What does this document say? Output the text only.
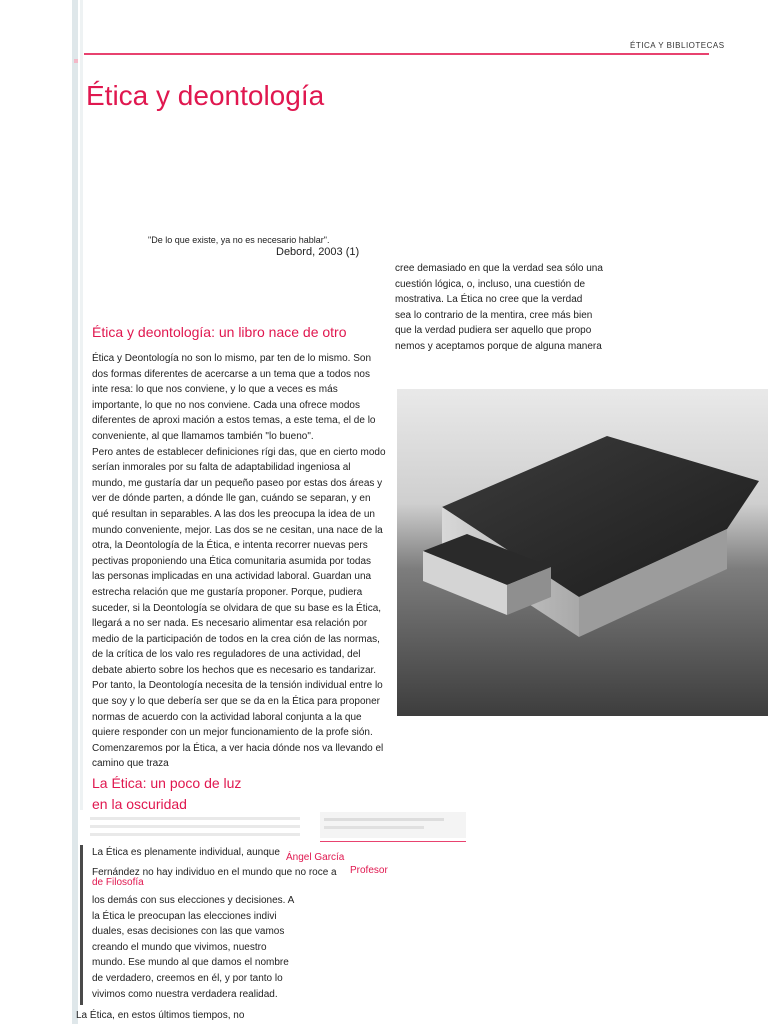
ÉTICA Y BIBLIOTECAS
Ética y deontología
"De lo que existe, ya no es necesario hablar".
Debord, 2003 (1)
cree demasiado en que la verdad sea sólo una
cuestión lógica, o, incluso, una cuestión de
mostrativa. La Ética no cree que la verdad
sea lo contrario de la mentira, cree más bien
que la verdad pudiera ser aquello que propo
nemos y aceptamos porque de alguna manera
Ética y deontología: un libro nace de otro
Ética y Deontología no son lo mismo, par ten de lo mismo. Son
dos formas diferentes de acercarse a un tema que a todos nos
inte resa: lo que nos conviene, y lo que a veces es más
importante, lo que no nos conviene. Cada una ofrece modos
diferentes de aproxi mación a estos temas, a este tema, el de lo
conveniente, al que llamamos también "lo bueno".
Pero antes de establecer definiciones rígi das, que en cierto modo
serían inmorales por su falta de adaptabilidad ingeniosa al
mundo, me gustaría dar un pequeño paseo por estas dos áreas y
ver de dónde parten, a dónde lle gan, cuándo se separan, y en
qué resultan in separables. A las dos les preocupa la idea de un
mundo conveniente, mejor. Las dos se ne cesitan, una nace de la
otra, la Deontología de la Ética, e intenta recorrer nuevas pers
pectivas proponiendo una Ética comunitaria asumida por todas
las personas implicadas en una actividad laboral. Guardan una
estrecha relación que me gustaría proponer. Porque, pudiera
suceder, si la Deontología se olvidara de que su base es la Ética,
llegará a no ser nada. Es necesario alimentar esa relación por
medio de la participación de todos en la crea ción de las normas,
de la crítica de los valo res reguladores de una actividad, del
debate abierto sobre los hechos que es necesario es tandarizar.
Por tanto, la Deontología necesita de la tensión individual entre lo
que soy y lo que debería ser que se da en la Ética para proponer
normas de acuerdo con la actividad laboral conjunta a la que
quiere responder con un mejor funcionamiento de la profe sión.
Comenzaremos por la Ética, a ver hacia dónde nos va llevando el
camino que traza
La Ética: un poco de luz
en la oscuridad
La Ética es plenamente individual, aunque Ángel García
Fernández no hay individuo en el mundo que no roce a Profesor
de Filosofía
los demás con sus elecciones y decisiones. A
la Ética le preocupan las elecciones indivi
duales, esas decisiones con las que vamos
creando el mundo que vivimos, nuestro
mundo. Ese mundo al que damos el nombre
de verdadero, creemos en él, y por tanto lo
vivimos como nuestra verdadera realidad.
La Ética, en estos últimos tiempos, no
